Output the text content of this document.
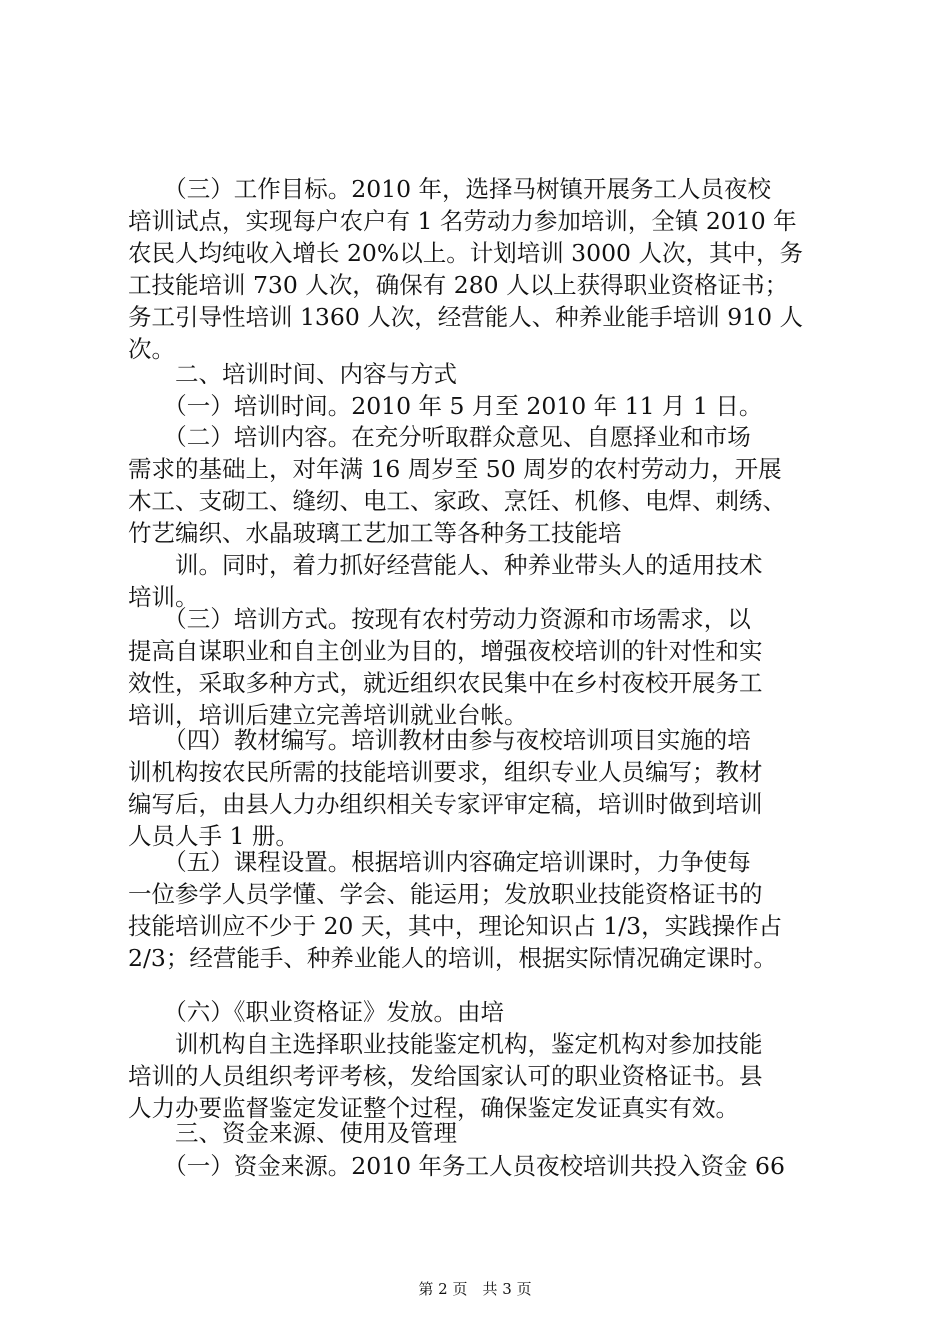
　　（三）工作目标。2010 年，选择马树镇开展务工人员夜校
培训试点，实现每户农户有 1 名劳动力参加培训，全镇 2010 年
农民人均纯收入增长 20%以上。计划培训 3000 人次，其中，务
工技能培训 730 人次，确保有 280 人以上获得职业资格证书；
务工引导性培训 1360 人次，经营能人、种养业能手培训 910 人
次。
　　二、培训时间、内容与方式
　　（一）培训时间。2010 年 5 月至 2010 年 11 月 1 日。
　　（二）培训内容。在充分听取群众意见、自愿择业和市场
需求的基础上，对年满 16 周岁至 50 周岁的农村劳动力，开展
木工、支砌工、缝纫、电工、家政、烹饪、机修、电焊、刺绣、
竹艺编织、水晶玻璃工艺加工等各种务工技能培
　　训。同时，着力抓好经营能人、种养业带头人的适用技术
培训。
　　（三）培训方式。按现有农村劳动力资源和市场需求，以
提高自谋职业和自主创业为目的，增强夜校培训的针对性和实
效性，采取多种方式，就近组织农民集中在乡村夜校开展务工
培训，培训后建立完善培训就业台帐。
　　（四）教材编写。培训教材由参与夜校培训项目实施的培
训机构按农民所需的技能培训要求，组织专业人员编写；教材
编写后，由县人力办组织相关专家评审定稿，培训时做到培训
人员人手 1 册。
　　（五）课程设置。根据培训内容确定培训课时，力争使每
一位参学人员学懂、学会、能运用；发放职业技能资格证书的
技能培训应不少于 20 天，其中，理论知识占 1/3，实践操作占
2/3；经营能手、种养业能人的培训，根据实际情况确定课时。
　　（六）《职业资格证》发放。由培
　　训机构自主选择职业技能鉴定机构，鉴定机构对参加技能
培训的人员组织考评考核，发给国家认可的职业资格证书。县
人力办要监督鉴定发证整个过程，确保鉴定发证真实有效。
　　三、资金来源、使用及管理
　　（一）资金来源。2010 年务工人员夜校培训共投入资金 66
第 2 页　共 3 页
